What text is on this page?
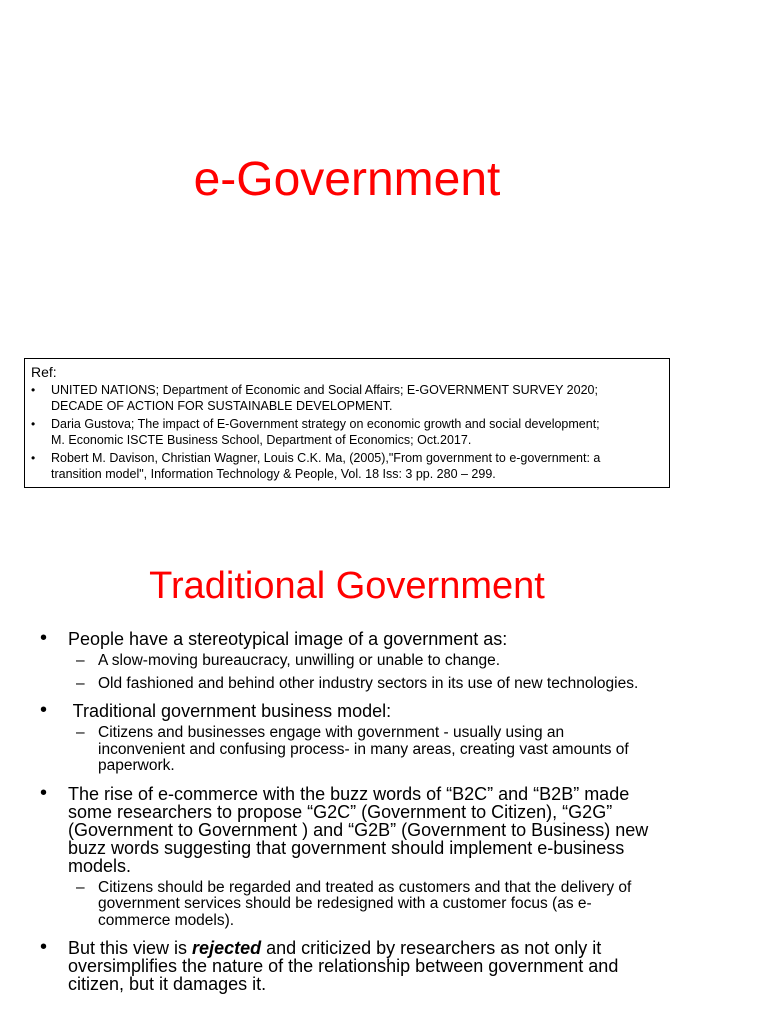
e-Government
Ref:
• UNITED NATIONS; Department of Economic and Social Affairs; E-GOVERNMENT SURVEY 2020;
DECADE OF ACTION FOR SUSTAINABLE DEVELOPMENT.
• Daria Gustova; The impact of E-Government strategy on economic growth and social development;
M. Economic ISCTE Business School, Department of Economics; Oct.2017.
• Robert M. Davison, Christian Wagner, Louis C.K. Ma, (2005),"From government to e-government: a
transition model", Information Technology & People, Vol. 18 Iss: 3 pp. 280 – 299.
Traditional Government
• People have a stereotypical image of a government as:
– A slow-moving bureaucracy, unwilling or unable to change.
– Old fashioned and behind other industry sectors in its use of new technologies.
• Traditional government business model:
– Citizens and businesses engage with government - usually using an inconvenient and confusing process- in many areas, creating vast amounts of paperwork.
• The rise of e-commerce with the buzz words of “B2C” and “B2B” made some researchers to propose “G2C” (Government to Citizen), “G2G” (Government to Government ) and “G2B” (Government to Business) new buzz words suggesting that government should implement e-business models.
– Citizens should be regarded and treated as customers and that the delivery of government services should be redesigned with a customer focus (as e-commerce models).
• But this view is rejected and criticized by researchers as not only it oversimplifies the nature of the relationship between government and citizen, but it damages it.
